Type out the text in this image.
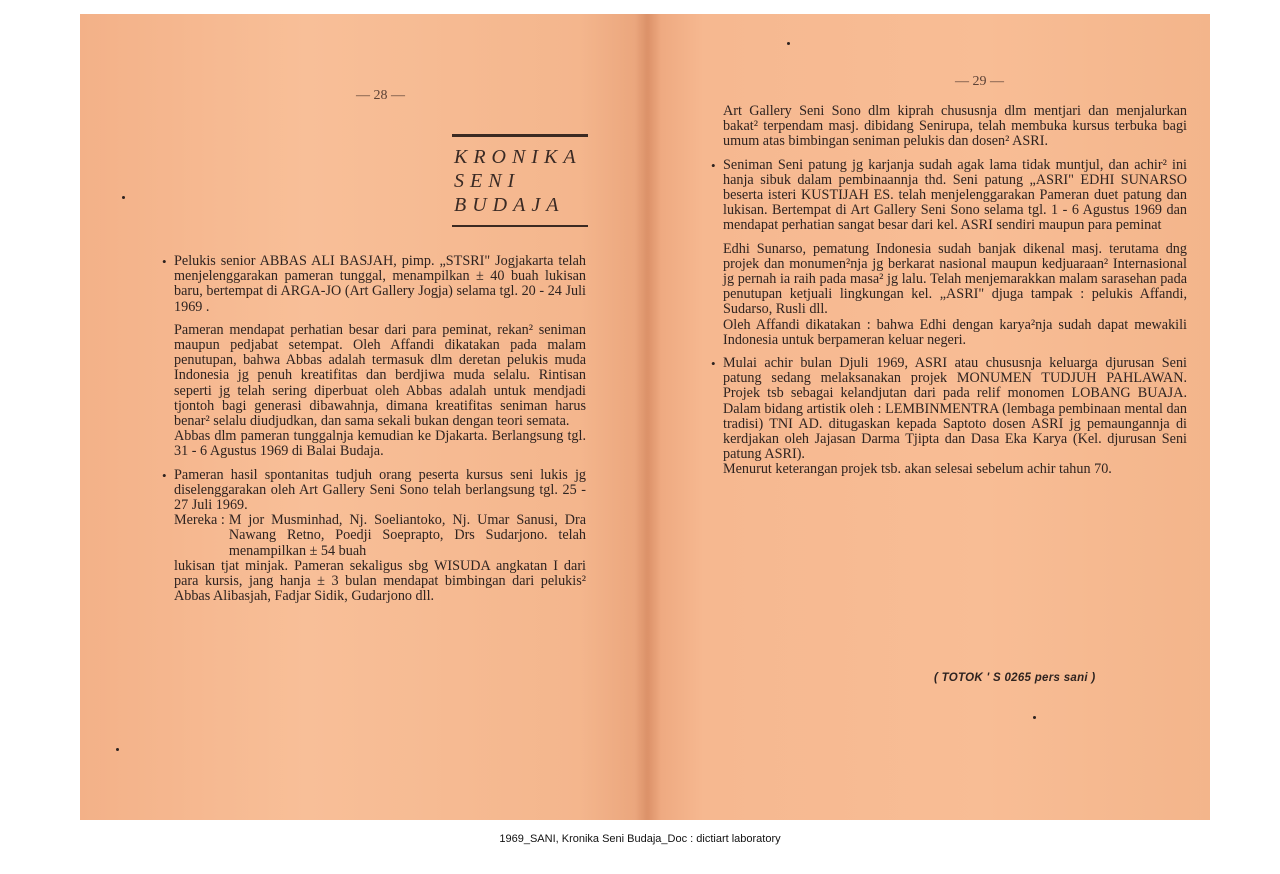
— 28 —

KRONIKA
SENI
BUDAJA

• Pelukis senior ABBAS ALI BASJAH, pimp. „STSRI" Jogjakarta telah menjelenggarakan pameran tunggal, menampilkan ± 40 buah lukisan baru, bertempat di ARGA-JO (Art Gallery Jogja) selama tgl. 20 - 24 Juli 1969 .

Pameran mendapat perhatian besar dari para peminat, rekan² seniman maupun pedjabat setempat. Oleh Affandi dikatakan pada malam penutupan, bahwa Abbas adalah termasuk dlm deretan pelukis muda Indonesia jg penuh kreatifitas dan berdjiwa muda selalu. Rintisan seperti jg telah sering diperbuat oleh Abbas adalah untuk mendjadi tjontoh bagi generasi dibawahnja, dimana kreatifitas seniman harus benar² selalu diudjudkan, dan sama sekali bukan dengan teori semata.

Abbas dlm pameran tunggalnja kemudian ke Djakarta. Berlangsung tgl. 31 - 6 Agustus 1969 di Balai Budaja.

• Pameran hasil spontanitas tudjuh orang peserta kursus seni lukis jg diselenggarakan oleh Art Gallery Seni Sono telah berlangsung tgl. 25 - 27 Juli 1969.

Mereka : M jor Musminhad, Nj. Soeliantoko, Nj. Umar Sanusi, Dra Nawang Retno, Poedji Soeprapto, Drs Sudarjono. telah menampilkan ± 54 buah

lukisan tjat minjak. Pameran sekaligus sbg WISUDA angkatan I dari para kursis, jang hanja ± 3 bulan mendapat bimbingan dari pelukis² Abbas Alibasjah, Fadjar Sidik, Gudarjono dll.

— 29 —

Art Gallery Seni Sono dlm kiprah chususnja dlm mentjari dan menjalurkan bakat² terpendam masj. dibidang Senirupa, telah membuka kursus terbuka bagi umum atas bimbingan seniman pelukis dan dosen² ASRI.

• Seniman Seni patung jg karjanja sudah agak lama tidak muntjul, dan achir² ini hanja sibuk dalam pembinaannja thd. Seni patung „ASRI" EDHI SUNARSO beserta isteri KUSTIJAH ES. telah menjelenggarakan Pameran duet patung dan lukisan. Bertempat di Art Gallery Seni Sono selama tgl. 1 - 6 Agustus 1969 dan mendapat perhatian sangat besar dari kel. ASRI sendiri maupun para peminat

Edhi Sunarso, pematung Indonesia sudah banjak dikenal masj. terutama dng projek dan monumen²nja jg berkarat nasional maupun kedjuaraan² Internasional jg pernah ia raih pada masa² jg lalu. Telah menjemarakkan malam sarasehan pada penutupan ketjuali lingkungan kel. „ASRI" djuga tampak : pelukis Affandi, Sudarso, Rusli dll.

Oleh Affandi dikatakan : bahwa Edhi dengan karya²nja sudah dapat mewakili Indonesia untuk berpameran keluar negeri.

• Mulai achir bulan Djuli 1969, ASRI atau chususnja keluarga djurusan Seni patung sedang melaksanakan projek MONUMEN TUDJUH PAHLAWAN. Projek tsb sebagai kelandjutan dari pada relif monomen LOBANG BUAJA. Dalam bidang artistik oleh : LEMBINMENTRA (lembaga pembinaan mental dan tradisi) TNI AD. ditugaskan kepada Saptoto dosen ASRI jg pemaungannja di kerdjakan oleh Jajasan Darma Tjipta dan Dasa Eka Karya (Kel. djurusan Seni patung ASRI).

Menurut keterangan projek tsb. akan selesai sebelum achir tahun 70.

( TOTOK ' S 0265 pers sani )
1969_SANI, Kronika Seni Budaja_Doc : dictiart laboratory
